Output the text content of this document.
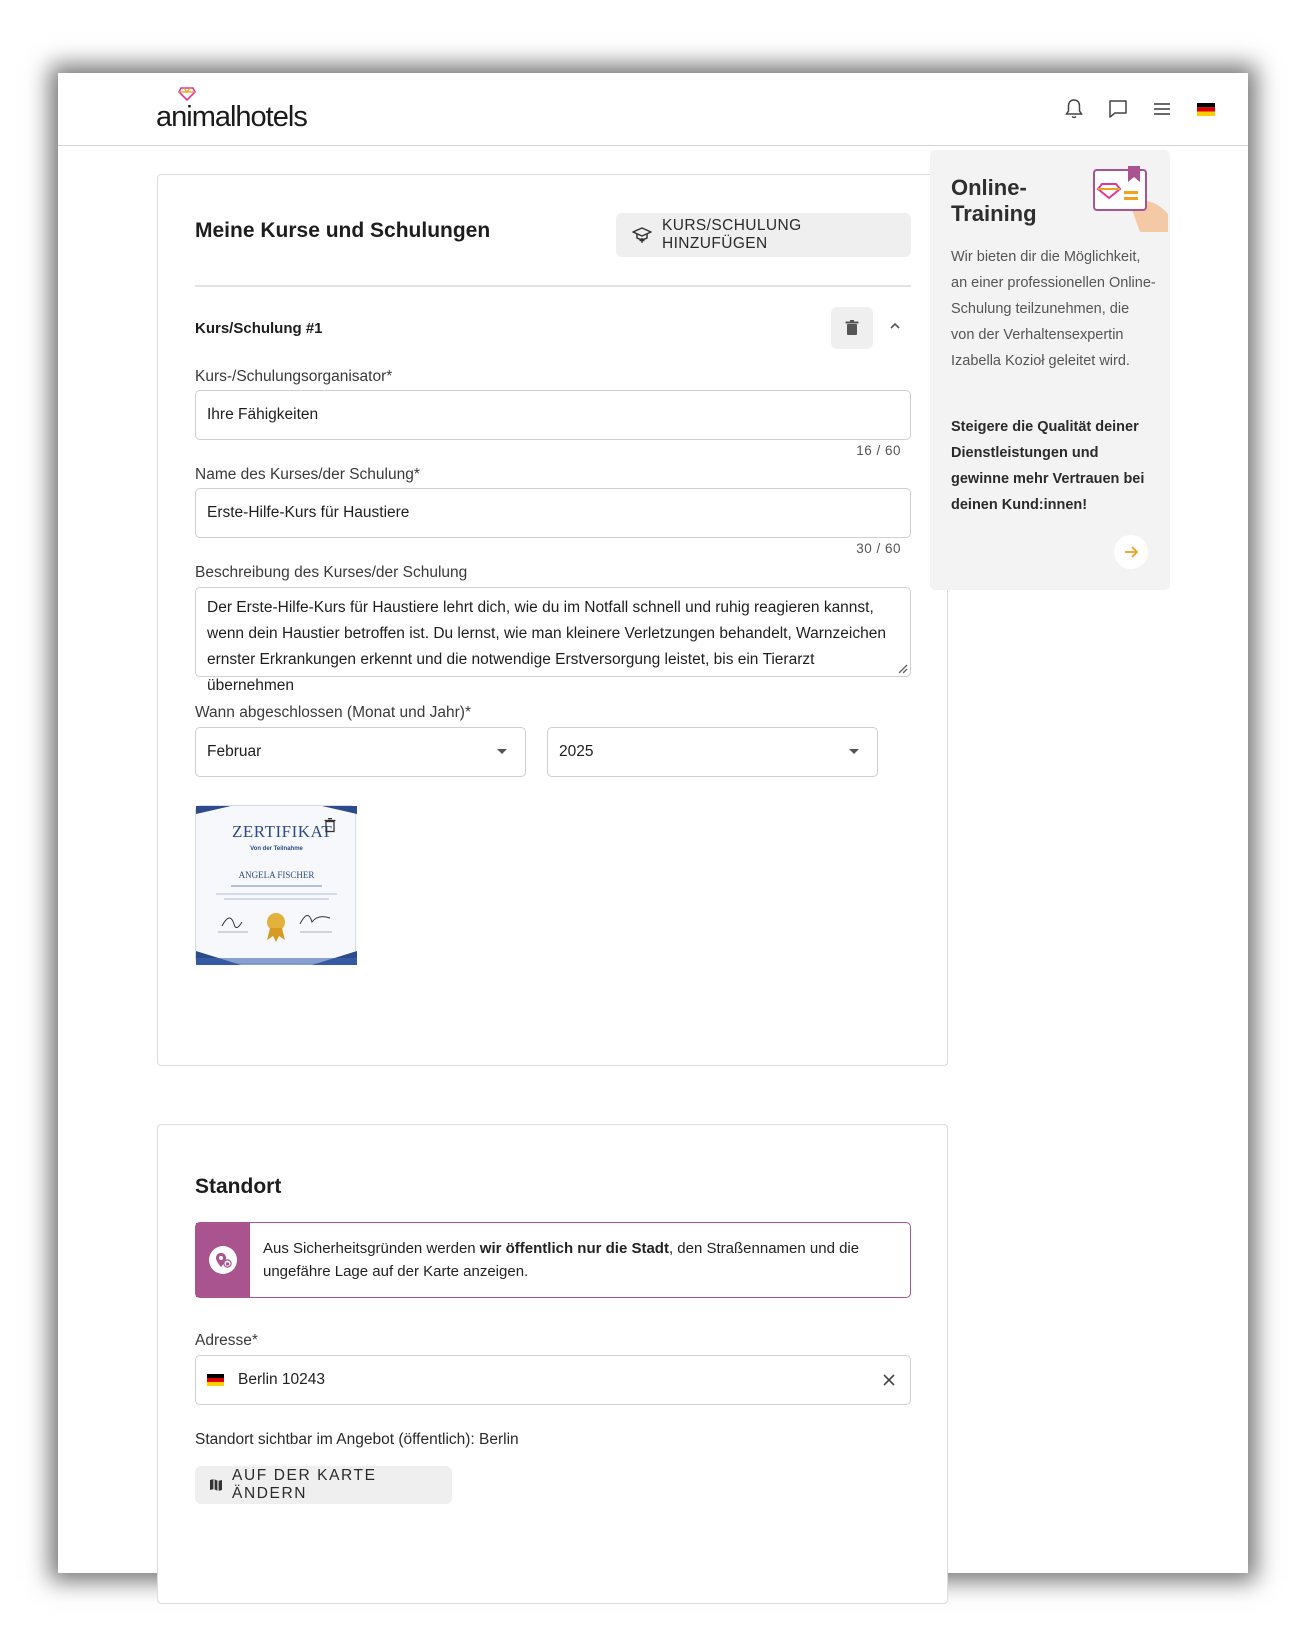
animalhotels
Meine Kurse und Schulungen	KURS/SCHULUNG HINZUFÜGEN
Kurs/Schulung #1
Kurs-/Schulungsorganisator*
Ihre Fähigkeiten
16 / 60
Name des Kurses/der Schulung*
Erste-Hilfe-Kurs für Haustiere
30 / 60
Beschreibung des Kurses/der Schulung
Der Erste-Hilfe-Kurs für Haustiere lehrt dich, wie du im Notfall schnell und ruhig reagieren kannst, wenn dein Haustier betroffen ist. Du lernst, wie man kleinere Verletzungen behandelt, Warnzeichen ernster Erkrankungen erkennt und die notwendige Erstversorgung leistet, bis ein Tierarzt übernehmen
Wann abgeschlossen (Monat und Jahr)*
Februar	2025
ZERTIFIKAT
Von der Teilnahme
ANGELA FISCHER
Standort
Aus Sicherheitsgründen werden wir öffentlich nur die Stadt, den Straßennamen und die ungefähre Lage auf der Karte anzeigen.
Adresse*
Berlin 10243
Standort sichtbar im Angebot (öffentlich): Berlin
AUF DER KARTE ÄNDERN
Online-Training
Wir bieten dir die Möglichkeit, an einer professionellen Online-Schulung teilzunehmen, die von der Verhaltensexpertin Izabella Kozioł geleitet wird.
Steigere die Qualität deiner Dienstleistungen und gewinne mehr Vertrauen bei deinen Kund:innen!
